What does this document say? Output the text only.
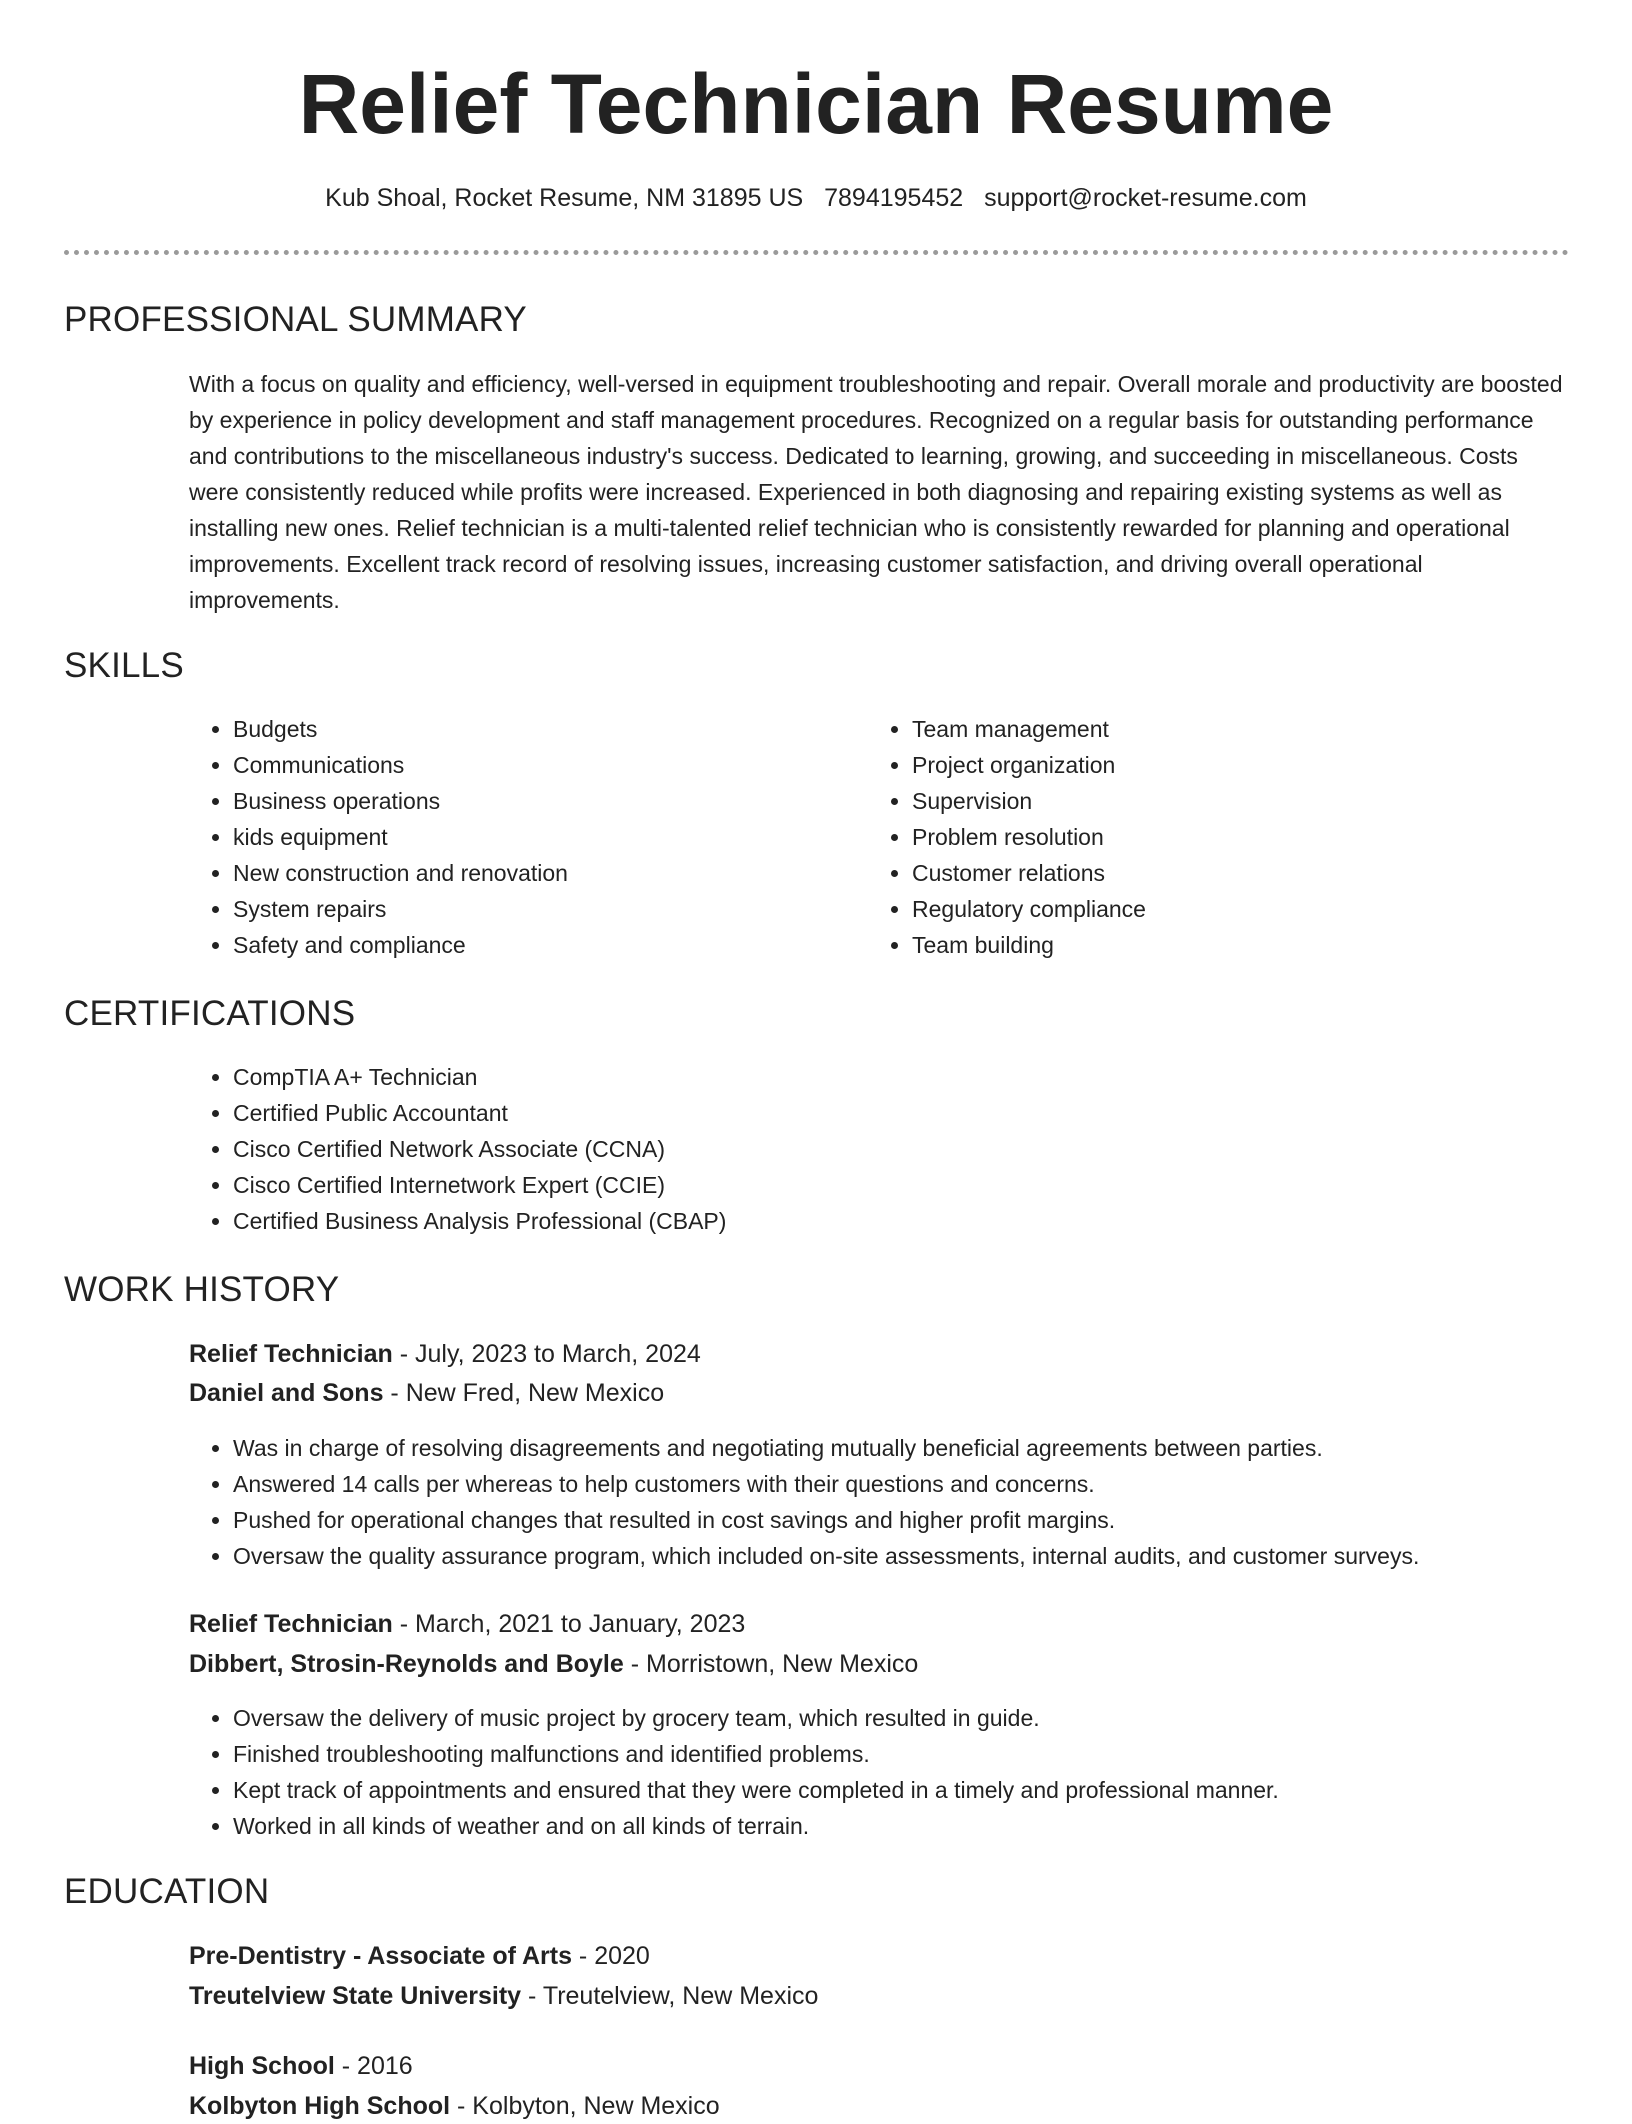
Relief Technician Resume
Kub Shoal, Rocket Resume, NM 31895 US 7894195452 support@rocket-resume.com
PROFESSIONAL SUMMARY

With a focus on quality and efficiency, well-versed in equipment troubleshooting and repair. Overall morale and productivity are boosted by experience in policy development and staff management procedures. Recognized on a regular basis for outstanding performance and contributions to the miscellaneous industry's success. Dedicated to learning, growing, and succeeding in miscellaneous. Costs were consistently reduced while profits were increased. Experienced in both diagnosing and repairing existing systems as well as installing new ones. Relief technician is a multi-talented relief technician who is consistently rewarded for planning and operational improvements. Excellent track record of resolving issues, increasing customer satisfaction, and driving overall operational improvements.

SKILLS
• Budgets
• Communications
• Business operations
• kids equipment
• New construction and renovation
• System repairs
• Safety and compliance
• Team management
• Project organization
• Supervision
• Problem resolution
• Customer relations
• Regulatory compliance
• Team building
CERTIFICATIONS
• CompTIA A+ Technician
• Certified Public Accountant
• Cisco Certified Network Associate (CCNA)
• Cisco Certified Internetwork Expert (CCIE)
• Certified Business Analysis Professional (CBAP)
WORK HISTORY
Relief Technician - July, 2023 to March, 2024
Daniel and Sons - New Fred, New Mexico
• Was in charge of resolving disagreements and negotiating mutually beneficial agreements between parties.
• Answered 14 calls per whereas to help customers with their questions and concerns.
• Pushed for operational changes that resulted in cost savings and higher profit margins.
• Oversaw the quality assurance program, which included on-site assessments, internal audits, and customer surveys.
Relief Technician - March, 2021 to January, 2023
Dibbert, Strosin-Reynolds and Boyle - Morristown, New Mexico
• Oversaw the delivery of music project by grocery team, which resulted in guide.
• Finished troubleshooting malfunctions and identified problems.
• Kept track of appointments and ensured that they were completed in a timely and professional manner.
• Worked in all kinds of weather and on all kinds of terrain.
EDUCATION
Pre-Dentistry - Associate of Arts - 2020
Treutelview State University - Treutelview, New Mexico
High School - 2016
Kolbyton High School - Kolbyton, New Mexico
